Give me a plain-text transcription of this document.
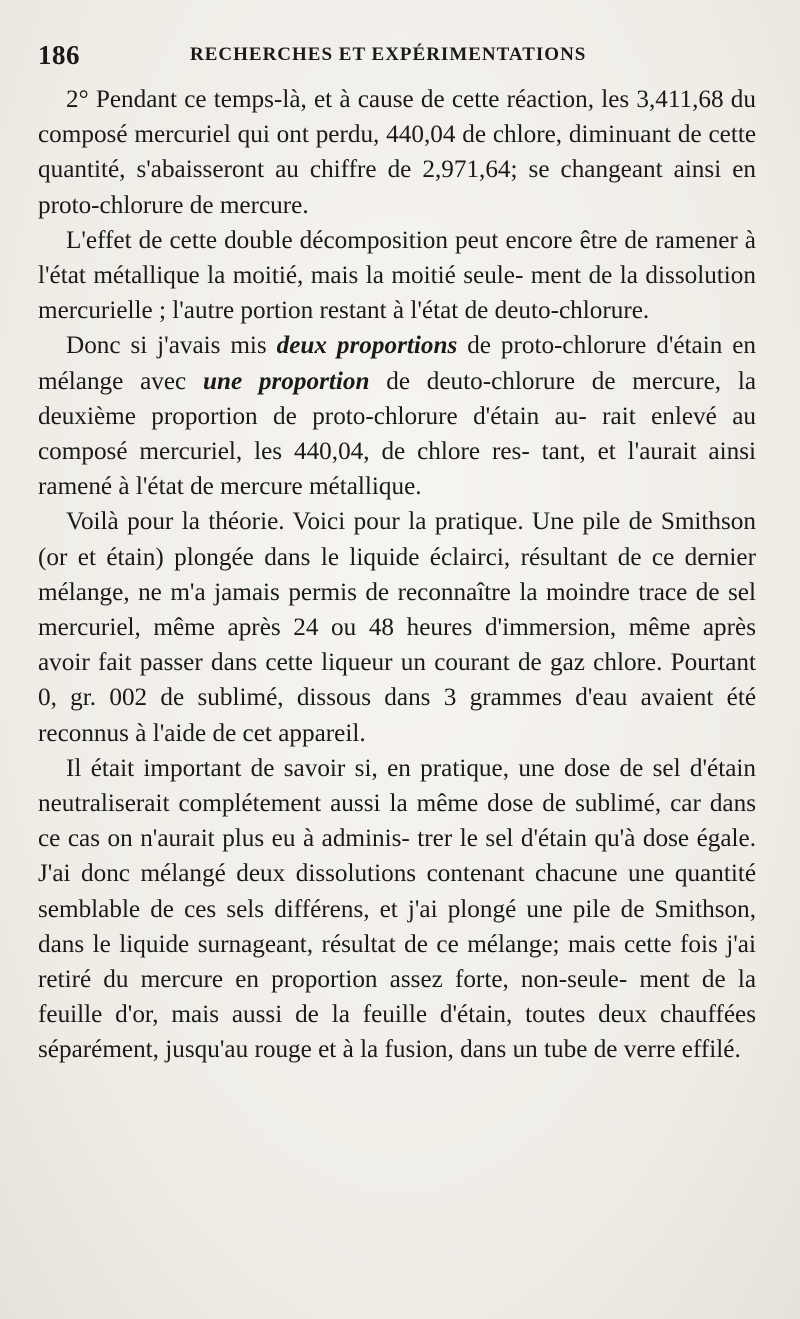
186	RECHERCHES ET EXPÉRIMENTATIONS

2° Pendant ce temps-là, et à cause de cette réaction, les 3,411,68 du composé mercuriel qui ont perdu, 440,04 de chlore, diminuant de cette quantité, s'abaisseront au chiffre de 2,971,64; se changeant ainsi en proto-chlorure de mercure.

L'effet de cette double décomposition peut encore être de ramener à l'état métallique la moitié, mais la moitié seule- ment de la dissolution mercurielle ; l'autre portion restant à l'état de deuto-chlorure.

Donc si j'avais mis deux proportions de proto-chlorure d'étain en mélange avec une proportion de deuto-chlorure de mercure, la deuxième proportion de proto-chlorure d'étain au- rait enlevé au composé mercuriel, les 440,04, de chlore res- tant, et l'aurait ainsi ramené à l'état de mercure métallique.

Voilà pour la théorie. Voici pour la pratique. Une pile de Smithson (or et étain) plongée dans le liquide éclairci, résultant de ce dernier mélange, ne m'a jamais permis de reconnaître la moindre trace de sel mercuriel, même après 24 ou 48 heures d'immersion, même après avoir fait passer dans cette liqueur un courant de gaz chlore. Pourtant 0, gr. 002 de sublimé, dissous dans 3 grammes d'eau avaient été reconnus à l'aide de cet appareil.

Il était important de savoir si, en pratique, une dose de sel d'étain neutraliserait complétement aussi la même dose de sublimé, car dans ce cas on n'aurait plus eu à adminis- trer le sel d'étain qu'à dose égale. J'ai donc mélangé deux dissolutions contenant chacune une quantité semblable de ces sels différens, et j'ai plongé une pile de Smithson, dans le liquide surnageant, résultat de ce mélange; mais cette fois j'ai retiré du mercure en proportion assez forte, non-seule- ment de la feuille d'or, mais aussi de la feuille d'étain, toutes deux chauffées séparément, jusqu'au rouge et à la fusion, dans un tube de verre effilé.
